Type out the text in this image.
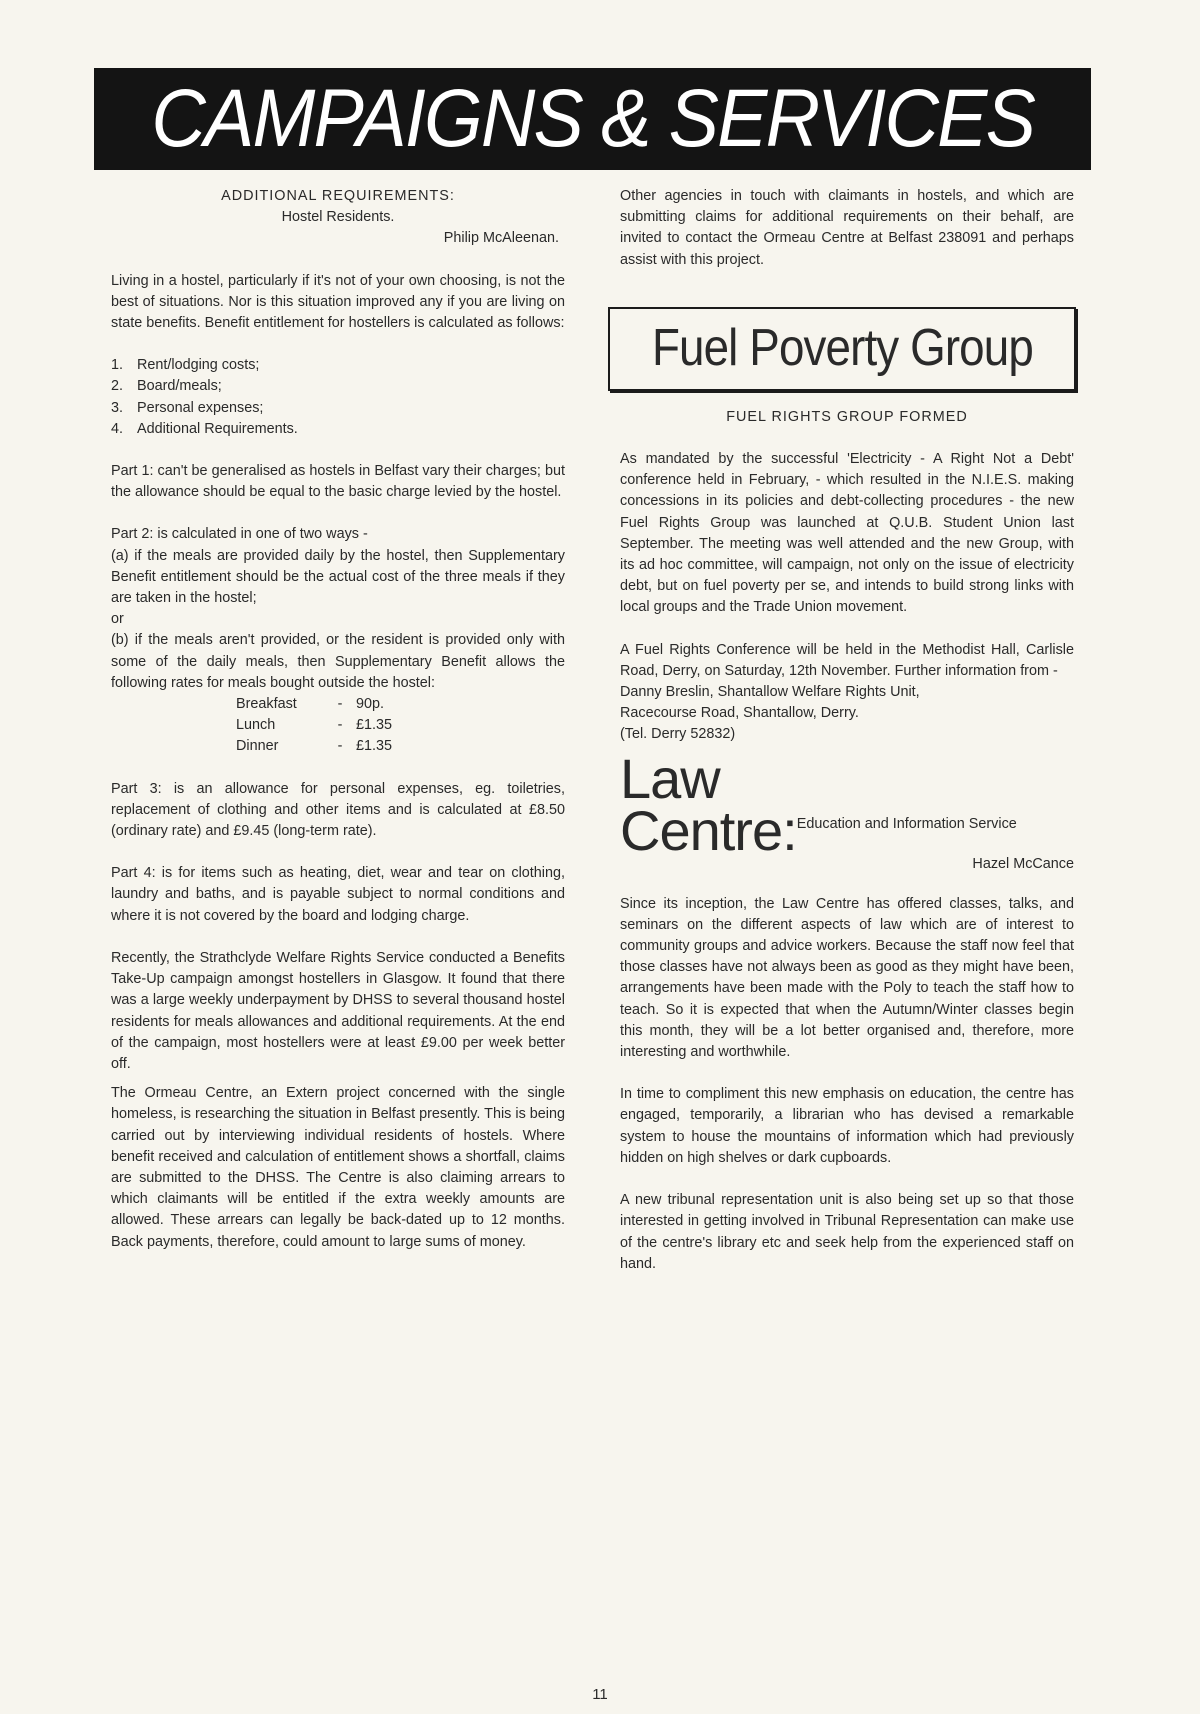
CAMPAIGNS & SERVICES
ADDITIONAL REQUIREMENTS:
Hostel Residents.
Philip McAleenan.

Living in a hostel, particularly if it's not of your own choosing, is not the best of situations. Nor is this situation improved any if you are living on state benefits. Benefit entitlement for hostellers is calculated as follows:

1. Rent/lodging costs;
2. Board/meals;
3. Personal expenses;
4. Additional Requirements.

Part 1: can't be generalised as hostels in Belfast vary their charges; but the allowance should be equal to the basic charge levied by the hostel.

Part 2: is calculated in one of two ways -

(a) if the meals are provided daily by the hostel, then Supplementary Benefit entitlement should be the actual cost of the three meals if they are taken in the hostel;

or

(b) if the meals aren't provided, or the resident is provided only with some of the daily meals, then Supplementary Benefit allows the following rates for meals bought outside the hostel:

Breakfast	-	90p.
Lunch	-	£1.35
Dinner	-	£1.35

Part 3: is an allowance for personal expenses, eg. toiletries, replacement of clothing and other items and is calculated at £8.50 (ordinary rate) and £9.45 (long-term rate).

Part 4: is for items such as heating, diet, wear and tear on clothing, laundry and baths, and is payable subject to normal conditions and where it is not covered by the board and lodging charge.

Recently, the Strathclyde Welfare Rights Service conducted a Benefits Take-Up campaign amongst hostellers in Glasgow. It found that there was a large weekly underpayment by DHSS to several thousand hostel residents for meals allowances and additional requirements. At the end of the campaign, most hostellers were at least £9.00 per week better off.

The Ormeau Centre, an Extern project concerned with the single homeless, is researching the situation in Belfast presently. This is being carried out by interviewing individual residents of hostels. Where benefit received and calculation of entitlement shows a shortfall, claims are submitted to the DHSS. The Centre is also claiming arrears to which claimants will be entitled if the extra weekly amounts are allowed. These arrears can legally be back-dated up to 12 months. Back payments, therefore, could amount to large sums of money.

Other agencies in touch with claimants in hostels, and which are submitting claims for additional requirements on their behalf, are invited to contact the Ormeau Centre at Belfast 238091 and perhaps assist with this project.

Fuel Poverty Group
FUEL RIGHTS GROUP FORMED

As mandated by the successful 'Electricity - A Right Not a Debt' conference held in February, - which resulted in the N.I.E.S. making concessions in its policies and debt-collecting procedures - the new Fuel Rights Group was launched at Q.U.B. Student Union last September. The meeting was well attended and the new Group, with its ad hoc committee, will campaign, not only on the issue of electricity debt, but on fuel poverty per se, and intends to build strong links with local groups and the Trade Union movement.

A Fuel Rights Conference will be held in the Methodist Hall, Carlisle Road, Derry, on Saturday, 12th November. Further information from -

Danny Breslin, Shantallow Welfare Rights Unit,
Racecourse Road, Shantallow, Derry.
(Tel. Derry 52832)
Law
Centre:
- Education and Information Service
Hazel McCance

Since its inception, the Law Centre has offered classes, talks, and seminars on the different aspects of law which are of interest to community groups and advice workers. Because the staff now feel that those classes have not always been as good as they might have been, arrangements have been made with the Poly to teach the staff how to teach. So it is expected that when the Autumn/Winter classes begin this month, they will be a lot better organised and, therefore, more interesting and worthwhile.

In time to compliment this new emphasis on education, the centre has engaged, temporarily, a librarian who has devised a remarkable system to house the mountains of information which had previously hidden on high shelves or dark cupboards.

A new tribunal representation unit is also being set up so that those interested in getting involved in Tribunal Representation can make use of the centre's library etc and seek help from the experienced staff on hand.

11
